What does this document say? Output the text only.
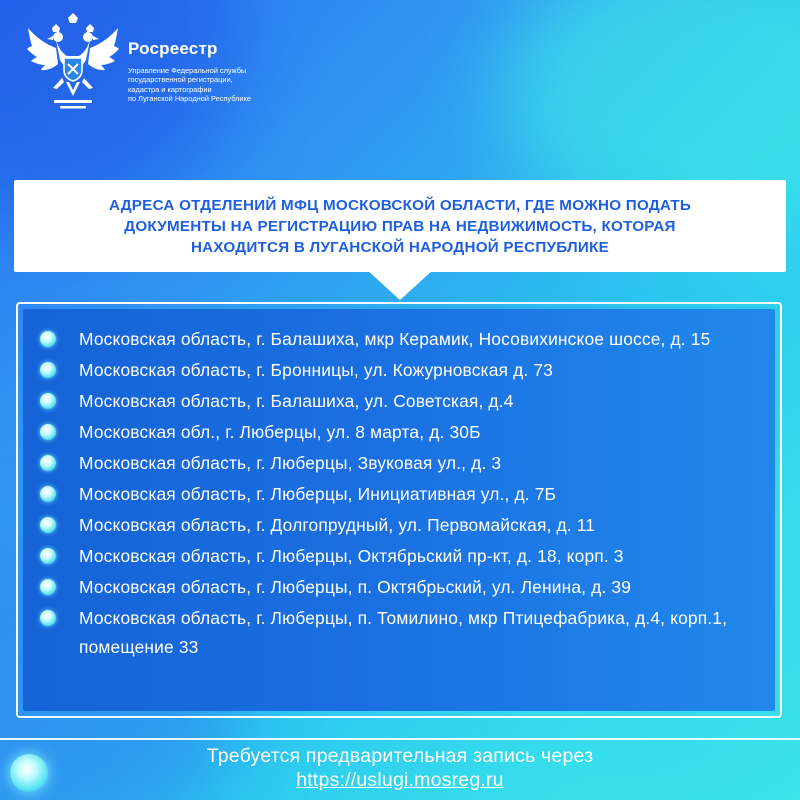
Росреестр
Управление Федеральной службы
государственной регистрации,
кадастра и картографии
по Луганской Народной Республике
АДРЕСА ОТДЕЛЕНИЙ МФЦ МОСКОВСКОЙ ОБЛАСТИ, ГДЕ МОЖНО ПОДАТЬ
ДОКУМЕНТЫ НА РЕГИСТРАЦИЮ ПРАВ НА НЕДВИЖИМОСТЬ, КОТОРАЯ
НАХОДИТСЯ В ЛУГАНСКОЙ НАРОДНОЙ РЕСПУБЛИКЕ
Московская область, г. Балашиха, мкр Керамик, Носовихинское шоссе, д. 15
Московская область, г. Бронницы, ул. Кожурновская д. 73
Московская область, г. Балашиха, ул. Советская, д.4
Московская обл., г. Люберцы, ул. 8 марта, д. 30Б
Московская область, г. Люберцы, Звуковая ул., д. 3
Московская область, г. Люберцы, Инициативная ул., д. 7Б
Московская область, г. Долгопрудный, ул. Первомайская, д. 11
Московская область, г. Люберцы, Октябрьский пр-кт, д. 18, корп. 3
Московская область, г. Люберцы, п. Октябрьский, ул. Ленина, д. 39
Московская область, г. Люберцы, п. Томилино, мкр Птицефабрика, д.4, корп.1, помещение 33
Требуется предварительная запись через
https://uslugi.mosreg.ru
